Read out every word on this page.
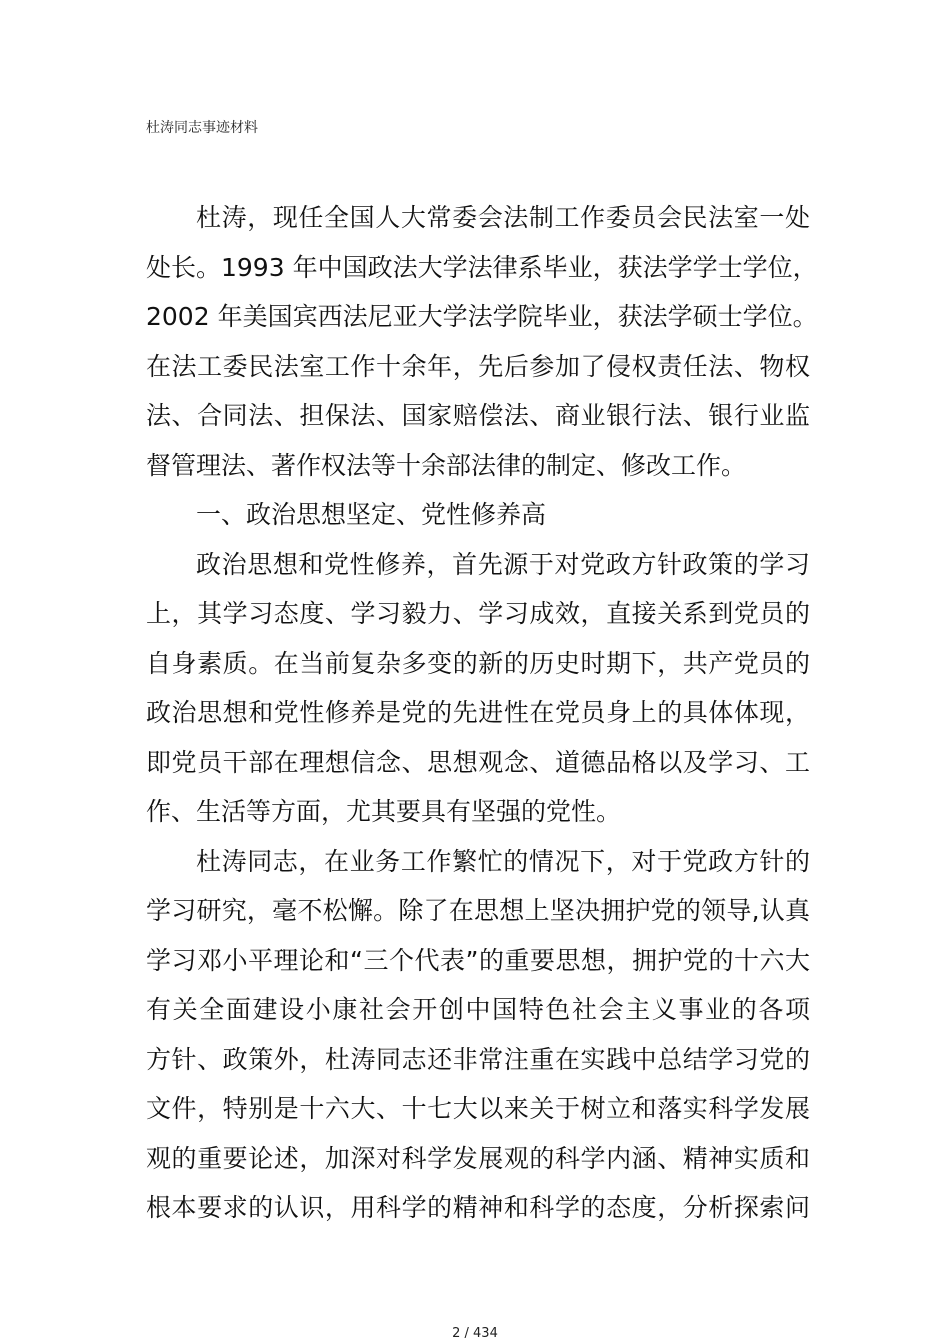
杜涛同志事迹材料
杜涛，现任全国人大常委会法制工作委员会民法室一处
处长。1993 年中国政法大学法律系毕业，获法学学士学位，
2002 年美国宾西法尼亚大学法学院毕业，获法学硕士学位。
在法工委民法室工作十余年，先后参加了侵权责任法、物权
法、合同法、担保法、国家赔偿法、商业银行法、银行业监
督管理法、著作权法等十余部法律的制定、修改工作。
一、政治思想坚定、党性修养高
政治思想和党性修养，首先源于对党政方针政策的学习
上，其学习态度、学习毅力、学习成效，直接关系到党员的
自身素质。在当前复杂多变的新的历史时期下，共产党员的
政治思想和党性修养是党的先进性在党员身上的具体体现，
即党员干部在理想信念、思想观念、道德品格以及学习、工
作、生活等方面，尤其要具有坚强的党性。
杜涛同志，在业务工作繁忙的情况下，对于党政方针的
学习研究，毫不松懈。除了在思想上坚决拥护党的领导,认真
学习邓小平理论和“三个代表”的重要思想，拥护党的十六大
有关全面建设小康社会开创中国特色社会主义事业的各项
方针、政策外，杜涛同志还非常注重在实践中总结学习党的
文件，特别是十六大、十七大以来关于树立和落实科学发展
观的重要论述，加深对科学发展观的科学内涵、精神实质和
根本要求的认识，用科学的精神和科学的态度，分析探索问
2 / 434
